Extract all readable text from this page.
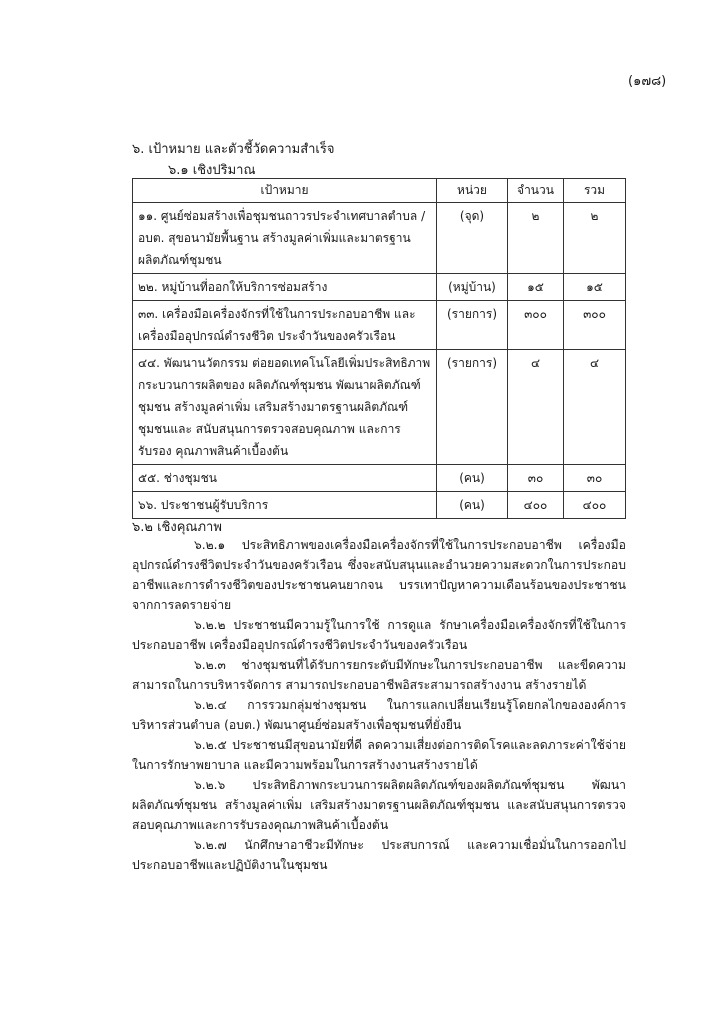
(๑๗๘)
๖. เป้าหมาย และตัวชี้วัดความสำเร็จ
๖.๑ เชิงปริมาณ
เป้าหมาย	หน่วย	จำนวน	รวม
๑๑. ศูนย์ซ่อมสร้างเพื่อชุมชนถาวรประจำเทศบาลตำบล / อบต. สุขอนามัยพื้นฐาน สร้างมูลค่าเพิ่มและมาตรฐานผลิตภัณฑ์ชุมชน	(จุด)	๒	๒
๒๒. หมู่บ้านที่ออกให้บริการซ่อมสร้าง	(หมู่บ้าน)	๑๕	๑๕
๓๓. เครื่องมือเครื่องจักรที่ใช้ในการประกอบอาชีพ และเครื่องมืออุปกรณ์ดำรงชีวิต ประจำวันของครัวเรือน	(รายการ)	๓๐๐	๓๐๐
๔๔. พัฒนานวัตกรรม ต่อยอดเทคโนโลยีเพิ่มประสิทธิภาพกระบวนการผลิตของ ผลิตภัณฑ์ชุมชน พัฒนาผลิตภัณฑ์ชุมชน สร้างมูลค่าเพิ่ม เสริมสร้างมาตรฐานผลิตภัณฑ์ชุมชนและ สนับสนุนการตรวจสอบคุณภาพ และการรับรอง คุณภาพสินค้าเบื้องต้น	(รายการ)	๔	๔
๕๕. ช่างชุมชน	(คน)	๓๐	๓๐
๖๖. ประชาชนผู้รับบริการ	(คน)	๔๐๐	๔๐๐
๖.๒ เชิงคุณภาพ

๖.๒.๑ ประสิทธิภาพของเครื่องมือเครื่องจักรที่ใช้ในการประกอบอาชีพ เครื่องมืออุปกรณ์ดำรงชีวิตประจำวันของครัวเรือน ซึ่งจะสนับสนุนและอำนวยความสะดวกในการประกอบอาชีพและการดำรงชีวิตของประชาชนคนยากจน บรรเทาปัญหาความเดือนร้อนของประชาชนจากการลดรายจ่าย

๖.๒.๒ ประชาชนมีความรู้ในการใช้ การดูแล รักษาเครื่องมือเครื่องจักรที่ใช้ในการประกอบอาชีพ เครื่องมืออุปกรณ์ดำรงชีวิตประจำวันของครัวเรือน

๖.๒.๓ ช่างชุมชนที่ได้รับการยกระดับมีทักษะในการประกอบอาชีพ และขีดความสามารถในการบริหารจัดการ สามารถประกอบอาชีพอิสระสามารถสร้างงาน สร้างรายได้

๖.๒.๔ การรวมกลุ่มช่างชุมชน ในการแลกเปลี่ยนเรียนรู้โดยกลไกขององค์การบริหารส่วนตำบล (อบต.) พัฒนาศูนย์ซ่อมสร้างเพื่อชุมชนที่ยั่งยืน

๖.๒.๕ ประชาชนมีสุขอนามัยที่ดี ลดความเสี่ยงต่อการติดโรคและลดภาระค่าใช้จ่ายในการรักษาพยาบาล และมีความพร้อมในการสร้างงานสร้างรายได้

๖.๒.๖ ประสิทธิภาพกระบวนการผลิตผลิตภัณฑ์ของผลิตภัณฑ์ชุมชน พัฒนาผลิตภัณฑ์ชุมชน สร้างมูลค่าเพิ่ม เสริมสร้างมาตรฐานผลิตภัณฑ์ชุมชน และสนับสนุนการตรวจสอบคุณภาพและการรับรองคุณภาพสินค้าเบื้องต้น

๖.๒.๗ นักศึกษาอาชีวะมีทักษะ ประสบการณ์ และความเชื่อมั่นในการออกไปประกอบอาชีพและปฏิบัติงานในชุมชน
